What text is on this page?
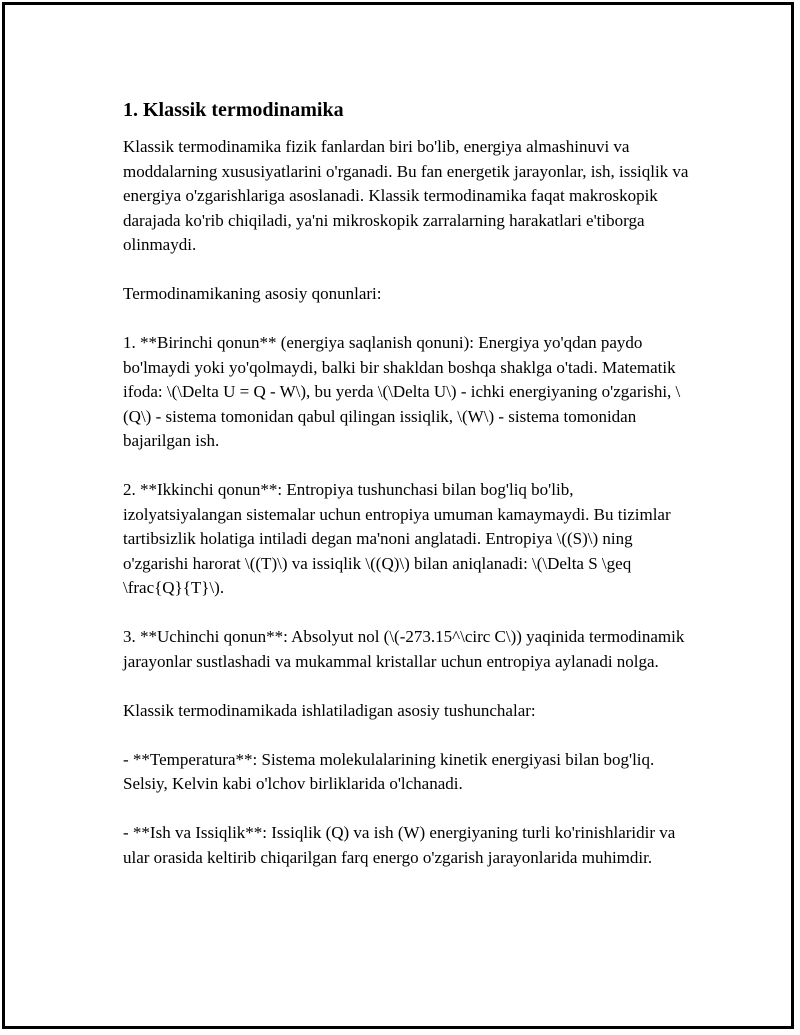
1. Klassik termodinamika

Klassik termodinamika fizik fanlardan biri bo'lib, energiya almashinuvi va moddalarning xususiyatlarini o'rganadi. Bu fan energetik jarayonlar, ish, issiqlik va energiya o'zgarishlariga asoslanadi. Klassik termodinamika faqat makroskopik darajada ko'rib chiqiladi, ya'ni mikroskopik zarralarning harakatlari e'tiborga olinmaydi.

Termodinamikaning asosiy qonunlari:

1. **Birinchi qonun** (energiya saqlanish qonuni): Energiya yo'qdan paydo bo'lmaydi yoki yo'qolmaydi, balki bir shakldan boshqa shaklga o'tadi. Matematik ifoda: \(\Delta U = Q - W\), bu yerda \(\Delta U\) - ichki energiyaning o'zgarishi, \(Q\) - sistema tomonidan qabul qilingan issiqlik, \(W\) - sistema tomonidan bajarilgan ish.

2. **Ikkinchi qonun**: Entropiya tushunchasi bilan bog'liq bo'lib, izolyatsiyalangan sistemalar uchun entropiya umuman kamaymaydi. Bu tizimlar tartibsizlik holatiga intiladi degan ma'noni anglatadi. Entropiya \((S)\) ning o'zgarishi harorat \((T)\) va issiqlik \((Q)\) bilan aniqlanadi: \(\Delta S \geq \frac{Q}{T}\).

3. **Uchinchi qonun**: Absolyut nol (\(-273.15^\circ C\)) yaqinida termodinamik jarayonlar sustlashadi va mukammal kristallar uchun entropiya aylanadi nolga.

Klassik termodinamikada ishlatiladigan asosiy tushunchalar:

- **Temperatura**: Sistema molekulalarining kinetik energiyasi bilan bog'liq. Selsiy, Kelvin kabi o'lchov birliklarida o'lchanadi.

- **Ish va Issiqlik**: Issiqlik (Q) va ish (W) energiyaning turli ko'rinishlaridir va ular orasida keltirib chiqarilgan farq energo o'zgarish jarayonlarida muhimdir.
